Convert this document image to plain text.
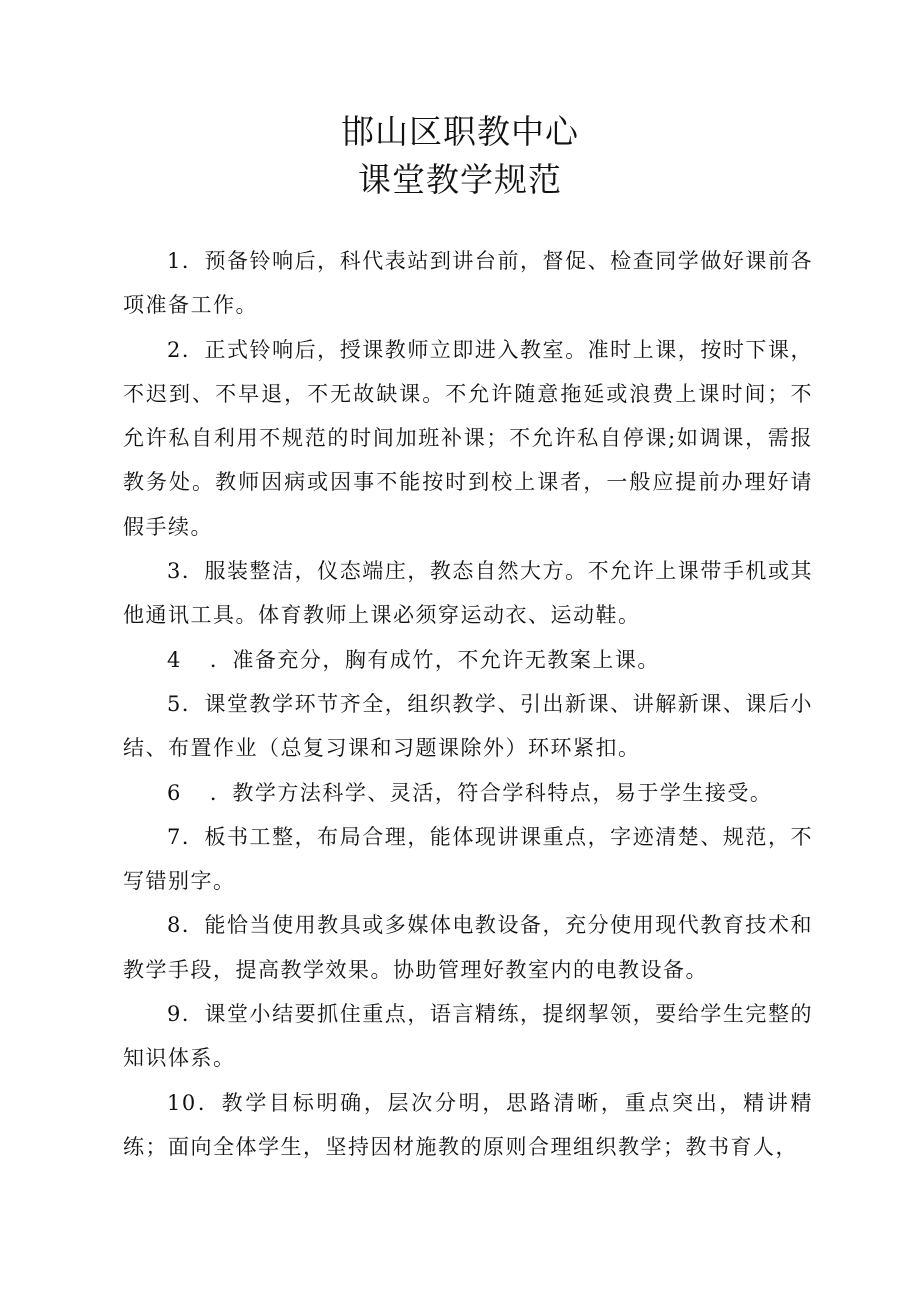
邯山区职教中心
课堂教学规范

1．预备铃响后，科代表站到讲台前，督促、检查同学做好课前各项准备工作。

2．正式铃响后，授课教师立即进入教室。准时上课，按时下课，不迟到、不早退，不无故缺课。不允许随意拖延或浪费上课时间；不允许私自利用不规范的时间加班补课；不允许私自停课;如调课，需报教务处。教师因病或因事不能按时到校上课者，一般应提前办理好请假手续。

3．服装整洁，仪态端庄，教态自然大方。不允许上课带手机或其他通讯工具。体育教师上课必须穿运动衣、运动鞋。

4 ．准备充分，胸有成竹，不允许无教案上课。

5．课堂教学环节齐全，组织教学、引出新课、讲解新课、课后小结、布置作业（总复习课和习题课除外）环环紧扣。

6 ．教学方法科学、灵活，符合学科特点，易于学生接受。

7．板书工整，布局合理，能体现讲课重点，字迹清楚、规范，不写错别字。

8．能恰当使用教具或多媒体电教设备，充分使用现代教育技术和教学手段，提高教学效果。协助管理好教室内的电教设备。

9．课堂小结要抓住重点，语言精练，提纲挈领，要给学生完整的知识体系。

10．教学目标明确，层次分明，思路清晰，重点突出，精讲精练；面向全体学生，坚持因材施教的原则合理组织教学；教书育人，
